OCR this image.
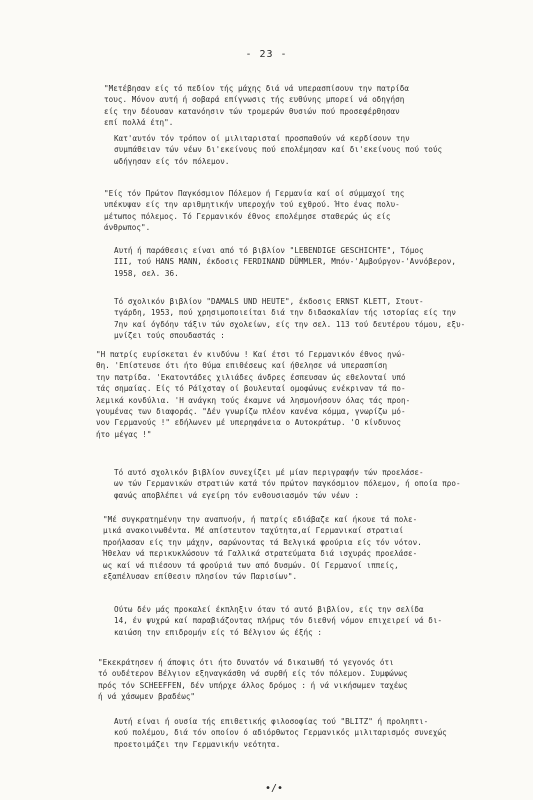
- 23 -

"Μετέβησαν είς τό πεδίον τής μάχης διά νά υπερασπίσουν την πατρίδα
τους. Μόνον αυτή ή σοβαρά επίγνωσις τής ευθύνης μπορεί νά οδηγήση
είς την δέουσαν κατανόησιν τών τρομερών θυσιών πού προσεφέρθησαν
επί πολλά έτη".

Κατ'αυτόν τόν τρόπον οί μιλιταρισταί προσπαθούν νά κερδίσουν την
συμπάθειαν τών νέων δι'εκείνους πού επολέμησαν καί δι'εκείνους πού τούς
ωδήγησαν είς τόν πόλεμον.

"Είς τόν Πρώτον Παγκόσμιον Πόλεμον ή Γερμανία καί οί σύμμαχοί της
υπέκυψαν είς την αριθμητικήν υπεροχήν τού εχθρού. Ήτο ένας πολυ-
μέτωπος πόλεμος. Τό Γερμανικόν έθνος επολέμησε σταθερώς ώς είς
άνθρωπος".

Αυτή ή παράθεσις είναι από τό βιβλίον "LEBENDIGE GESCHICHTE", Τόμος
III, τού HANS MANN, έκδοσις FERDINAND DÜMMLER, Μπόν-'Αμβούργον-'Αννόβερον,
1958, σελ. 36.

Τό σχολικόν βιβλίον "DAMALS UND HEUTE", έκδοσις ERNST KLETT, Στουτ-
τγάρδη, 1953, πού χρησιμοποιείται διά την διδασκαλίαν τής ιστορίας είς την
7ην καί όγδόην τάξιν τών σχολείων, είς την σελ. 113 τού δευτέρου τόμου, εξυ-
μνίζει τούς σπουδαστάς :

"Η πατρίς ευρίσκεται έν κινδύνω ! Καί έτσι τό Γερμανικόν έθνος ηνώ-
θη. 'Επίστευσε ότι ήτο θύμα επιθέσεως καί ήθελησε νά υπερασπίση
την πατρίδα. 'Εκατοντάδες χιλιάδες άνδρες έσπευσαν ώς εθελονταί υπό
τάς σημαίας. Είς τό Ράϊχσταγ οί βουλευταί ομοφώνως ενέκριναν τά πο-
λεμικά κονδύλια. 'Η ανάγκη τούς έκαμνε νά λησμονήσουν όλας τάς προη-
γουμένας των διαφοράς. "Δέν γνωρίζω πλέον κανένα κόμμα, γνωρίζω μό-
νον Γερμανούς !" εδήλωνεν μέ υπερηφάνεια ο Αυτοκράτωρ. 'Ο κίνδυνος
ήτο μέγας !"

Τό αυτό σχολικόν βιβλίον συνεχίζει μέ μίαν περιγραφήν τών προελάσε-
ων τών Γερμανικών στρατιών κατά τόν πρώτον παγκόσμιον πόλεμον, ή οποία προ-
φανώς αποβλέπει νά εγείρη τόν ενθουσιασμόν τών νέων :

"Μέ συγκρατημένην την αναπνοήν, ή πατρίς εδιάβαζε καί ήκουε τά πολε-
μικά ανακοινωθέντα. Μέ απίστευτον ταχύτητα,αί Γερμανικαί στρατιαί
προήλασαν είς την μάχην, σαρώνοντας τά Βελγικά φρούρια είς τόν νότον.
Ήθελαν νά περικυκλώσουν τά Γαλλικά στρατεύματα διά ισχυράς προελάσε-
ως καί νά πιέσουν τά φρούριά των από δυσμών. Οί Γερμανοί ιππείς,
εξαπέλυσαν επίθεσιν πλησίον τών Παρισίων".

Ούτω δέν μάς προκαλεί έκπληξιν όταν τό αυτό βιβλίον, είς την σελίδα
14, έν ψυχρώ καί παραβιάζοντας πλήρως τόν διεθνή νόμον επιχειρεί νά δι-
καιώση την επιδρομήν είς τό Βέλγιον ώς έξής :

"Εκεκράτησεν ή άποψις ότι ήτο δυνατόν νά δικαιωθή τό γεγονός ότι
τό ουδέτερον Βέλγιον εξηναγκάσθη νά συρθή είς τόν πόλεμον. Συμφώνως
πρός τόν SCHEEFFEN, δέν υπήρχε άλλος δρόμος : ή νά νικήσωμεν ταχέως
ή νά χάσωμεν βραδέως"

Αυτή είναι ή ουσία τής επιθετικής φιλοσοφίας τού "BLITZ" ή προληπτι-
κού πολέμου, διά τόν οποίον ό αδιόρθωτος Γερμανικός μιλιταρισμός συνεχώς
προετοιμάζει την Γερμανικήν νεότητα.

•/•
